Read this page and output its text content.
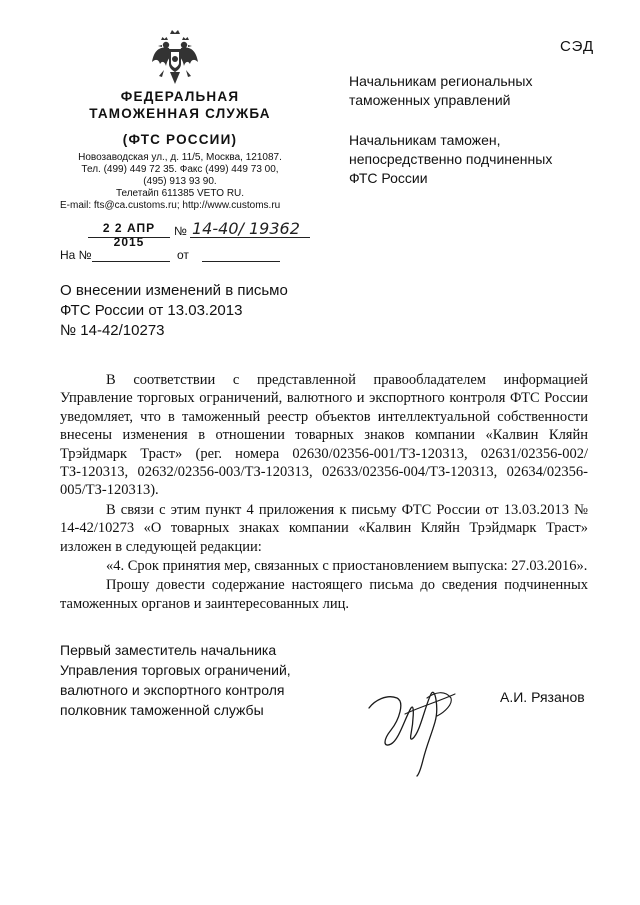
СЭД
ФЕДЕРАЛЬНАЯ
ТАМОЖЕННАЯ СЛУЖБА
(ФТС РОССИИ)
Новозаводская ул., д. 11/5, Москва, 121087.
Тел. (499) 449 72 35. Факс (499) 449 73 00,
(495) 913 93 90.
Телетайп 611385 VETO RU.
E-mail: fts@ca.customs.ru; http://www.customs.ru
2 2 АПР 2015
№ 14-40/ 19362
На №	от
Начальникам региональных
таможенных управлений
Начальникам таможен,
непосредственно подчиненных
ФТС России
О внесении изменений в письмо
ФТС России от 13.03.2013
№ 14-42/10273

В соответствии с представленной правообладателем информацией Управление торговых ограничений, валютного и экспортного контроля ФТС России уведомляет, что в таможенный реестр объектов интеллектуальной собственности внесены изменения в отношении товарных знаков компании «Калвин Кляйн Трэйдмарк Траст» (рег. номера 02630/02356-001/ТЗ-120313, 02631/02356-002/ТЗ-120313, 02632/02356-003/ТЗ-120313, 02633/02356-004/ТЗ-120313, 02634/02356-005/ТЗ-120313).

В связи с этим пункт 4 приложения к письму ФТС России от 13.03.2013 № 14-42/10273 «О товарных знаках компании «Калвин Кляйн Трэйдмарк Траст» изложен в следующей редакции:

«4. Срок принятия мер, связанных с приостановлением выпуска: 27.03.2016».

Прошу довести содержание настоящего письма до сведения подчиненных таможенных органов и заинтересованных лиц.

Первый заместитель начальника
Управления торговых ограничений,
валютного и экспортного контроля
полковник таможенной службы
А.И. Рязанов
